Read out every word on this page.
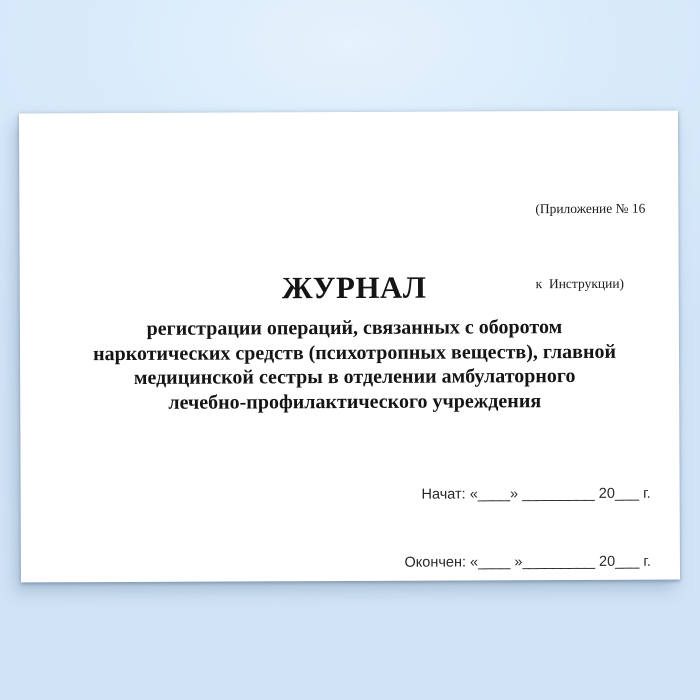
(Приложение № 16

к  Инструкции)

ЖУРНАЛ
регистрации операций, связанных с оборотом
наркотических средств (психотропных веществ), главной
медицинской сестры в отделении амбулаторного
лечебно-профилактического учреждения

Начат: «____» _________ 20___ г.

Окончен: «____ »_________ 20___ г.
